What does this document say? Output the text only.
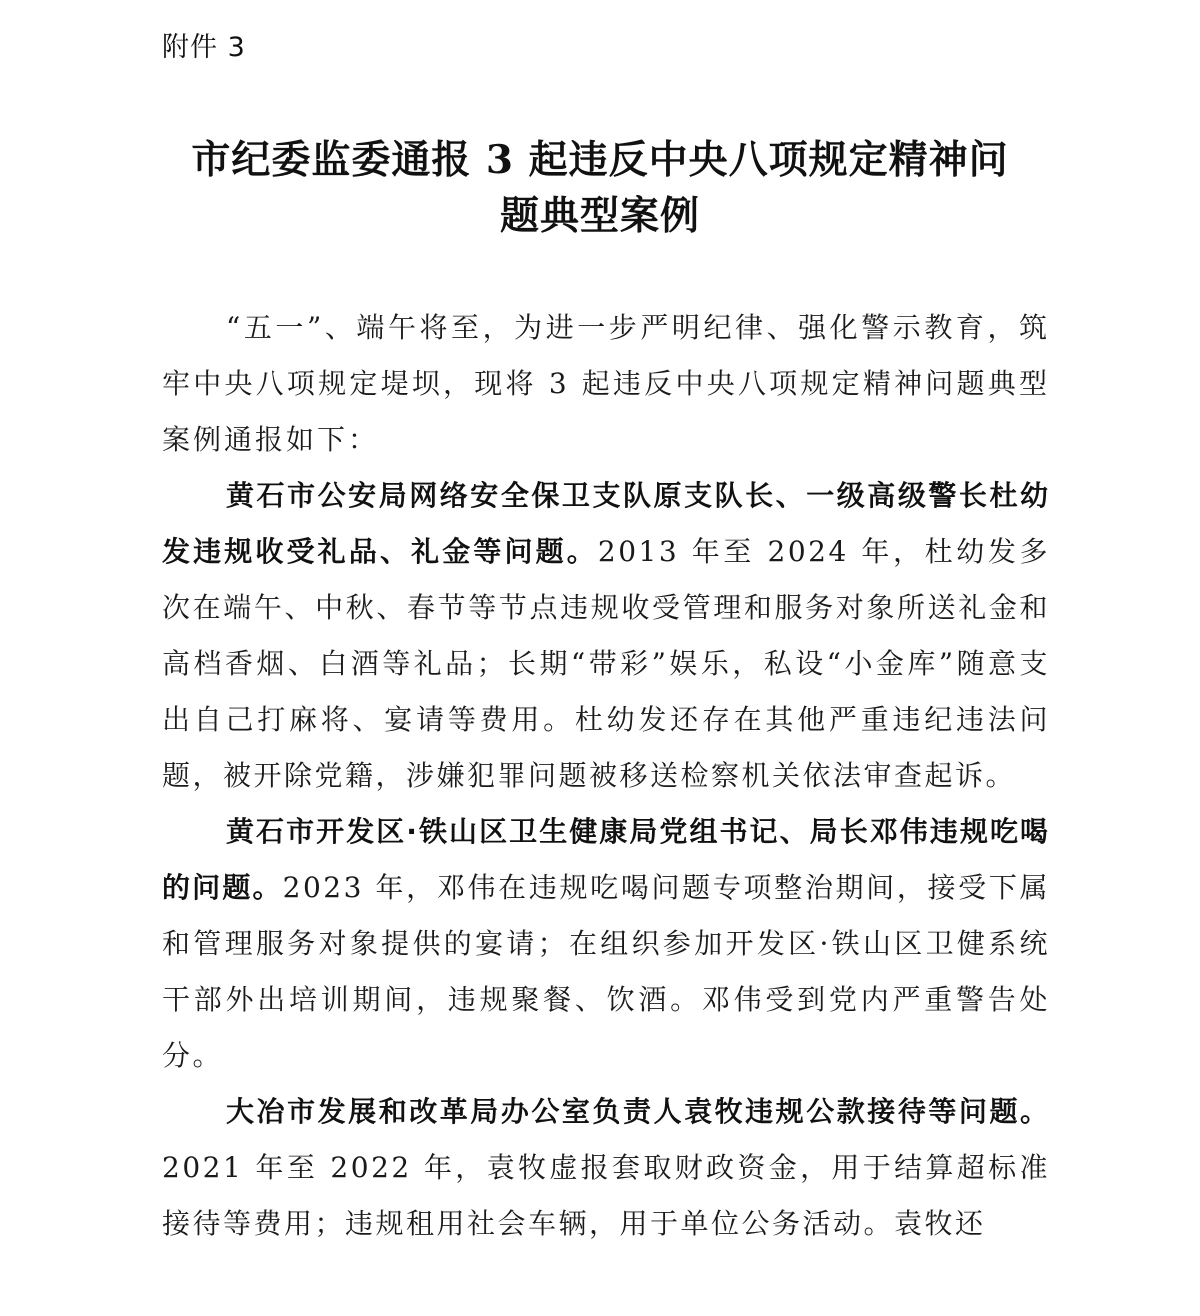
附件 3
市纪委监委通报 3 起违反中央八项规定精神问
题典型案例

“五一”、端午将至，为进一步严明纪律、强化警示教育，筑牢中央八项规定堤坝，现将 3 起违反中央八项规定精神问题典型案例通报如下：

黄石市公安局网络安全保卫支队原支队长、一级高级警长杜幼发违规收受礼品、礼金等问题。2013 年至 2024 年，杜幼发多次在端午、中秋、春节等节点违规收受管理和服务对象所送礼金和高档香烟、白酒等礼品；长期“带彩”娱乐，私设“小金库”随意支出自己打麻将、宴请等费用。杜幼发还存在其他严重违纪违法问题，被开除党籍，涉嫌犯罪问题被移送检察机关依法审查起诉。

黄石市开发区·铁山区卫生健康局党组书记、局长邓伟违规吃喝的问题。2023 年，邓伟在违规吃喝问题专项整治期间，接受下属和管理服务对象提供的宴请；在组织参加开发区·铁山区卫健系统干部外出培训期间，违规聚餐、饮酒。邓伟受到党内严重警告处分。

大冶市发展和改革局办公室负责人袁牧违规公款接待等问题。2021 年至 2022 年，袁牧虚报套取财政资金，用于结算超标准接待等费用；违规租用社会车辆，用于单位公务活动。袁牧还
